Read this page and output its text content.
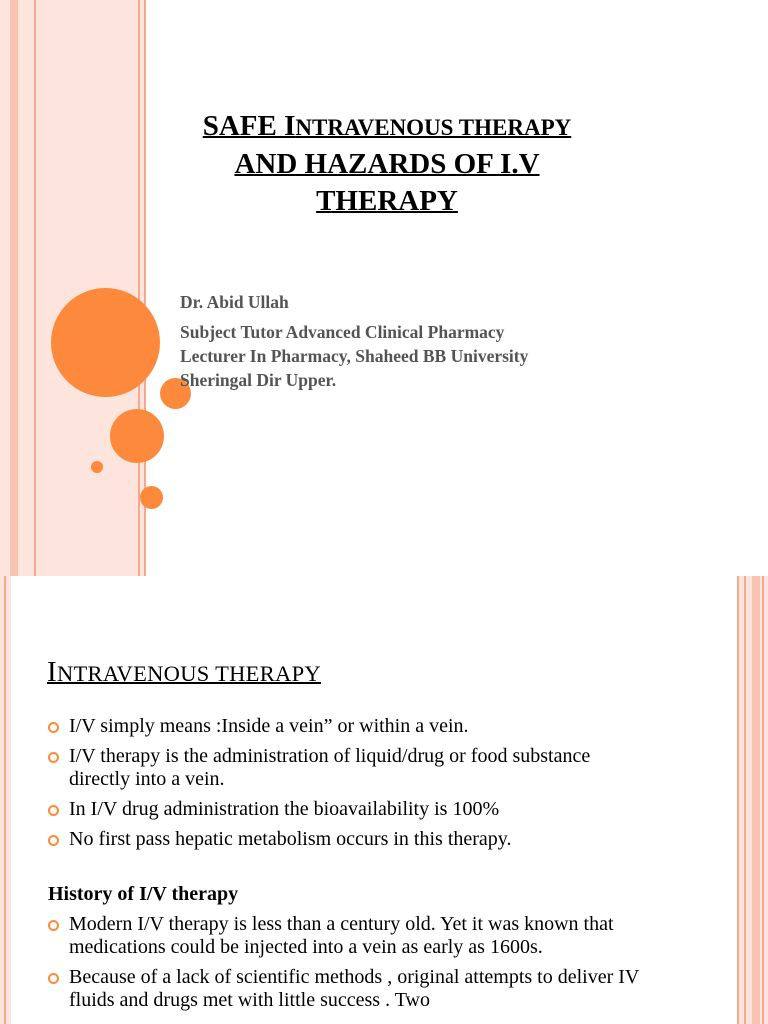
SAFE INTRAVENOUS THERAPY
AND HAZARDS OF I.V
THERAPY
Dr. Abid Ullah
Subject Tutor Advanced Clinical Pharmacy
Lecturer In Pharmacy, Shaheed BB University
Sheringal Dir Upper.
INTRAVENOUS THERAPY
I/V simply means :Inside a vein” or within a vein.
I/V therapy is the administration of liquid/drug or food substance directly into a vein.
In I/V drug administration the bioavailability is 100%
No first pass hepatic metabolism occurs in this therapy.
History of I/V therapy
Modern I/V therapy is less than a century old. Yet it was known that medications could be injected into a vein as early as 1600s.
Because of a lack of scientific methods , original attempts to deliver IV fluids and drugs met with little success . Two
